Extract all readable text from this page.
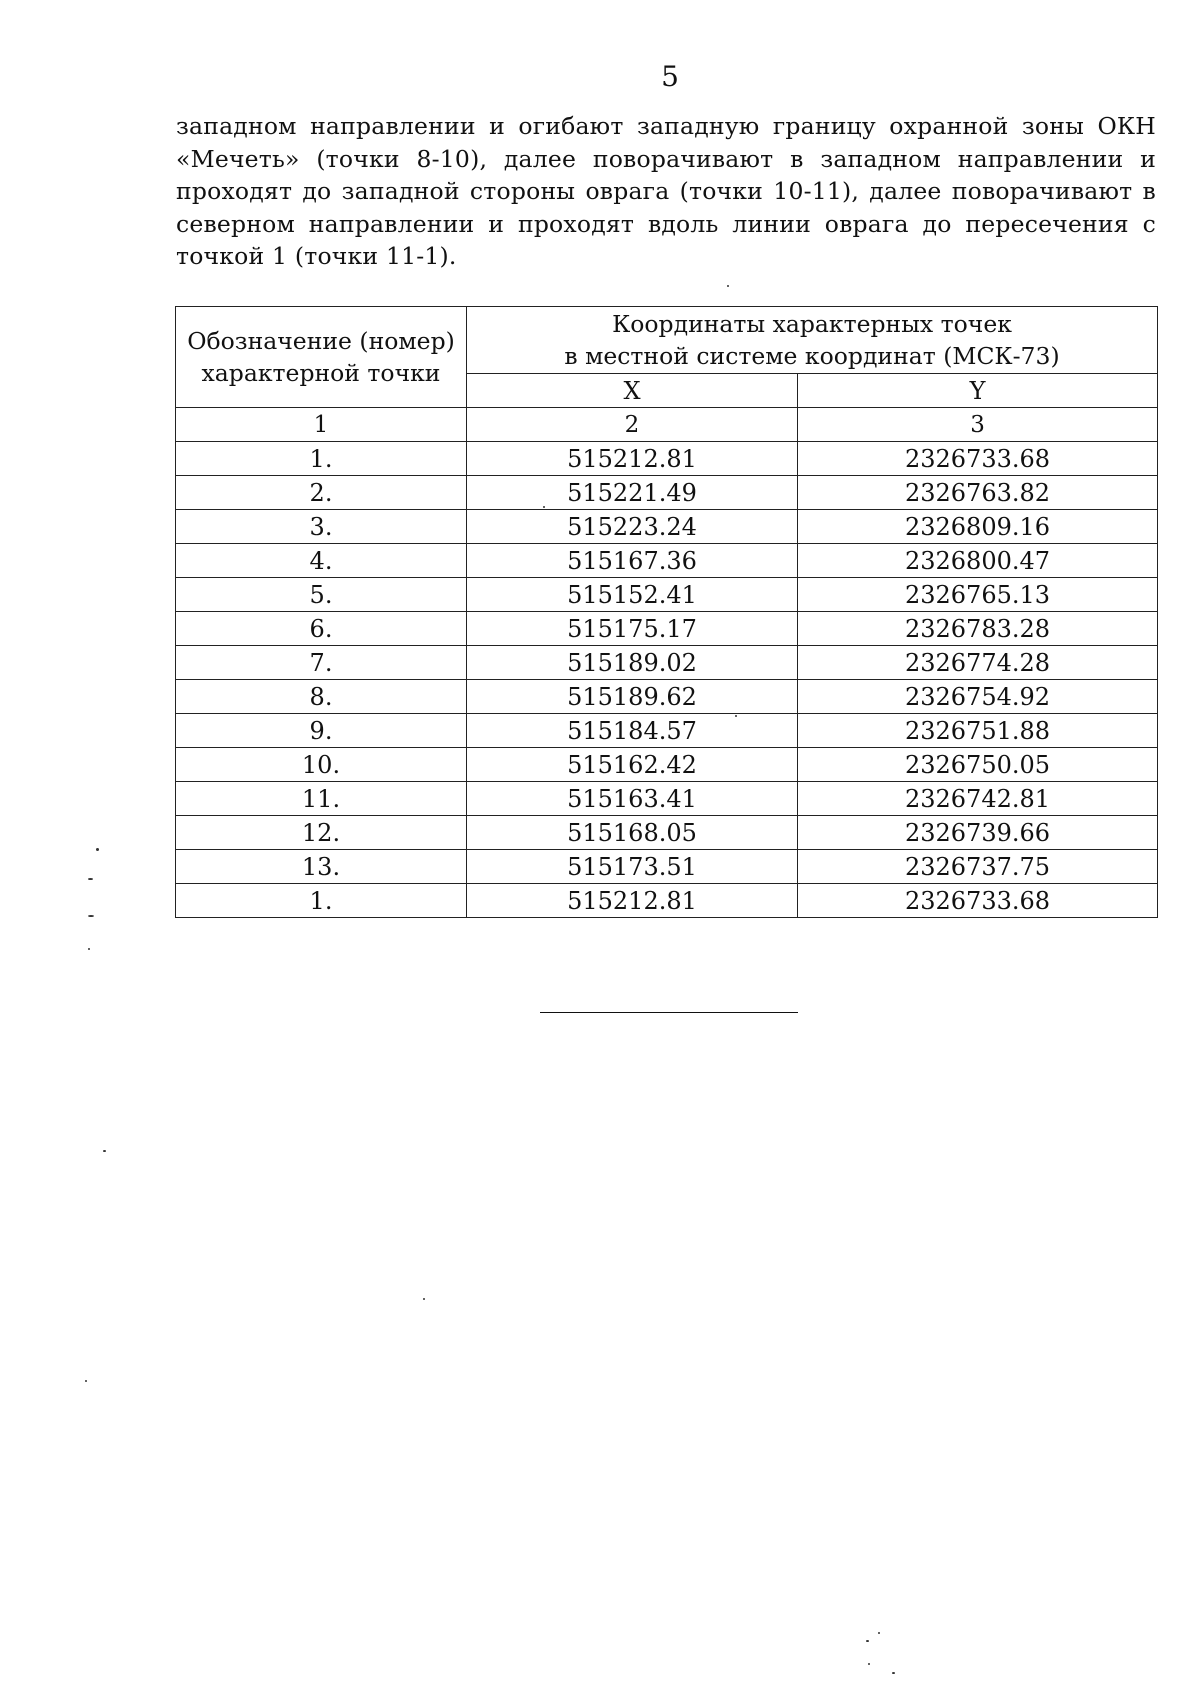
5

западном направлении и огибают западную границу охранной зоны ОКН «Мечеть» (точки 8-10), далее поворачивают в западном направлении и проходят до западной стороны оврага (точки 10-11), далее поворачивают в северном направлении и проходят вдоль линии оврага до пересечения с точкой 1 (точки 11-1).

Обозначение (номер) характерной точки	Координаты характерных точек
в местной системе координат (МСК-73)	

	X	Y
1	2	3
1.	515212.81	2326733.68
2.	515221.49	2326763.82
3.	515223.24	2326809.16
4.	515167.36	2326800.47
5.	515152.41	2326765.13
6.	515175.17	2326783.28
7.	515189.02	2326774.28
8.	515189.62	2326754.92
9.	515184.57	2326751.88
10.	515162.42	2326750.05
11.	515163.41	2326742.81
12.	515168.05	2326739.66
13.	515173.51	2326737.75
1.	515212.81	2326733.68
